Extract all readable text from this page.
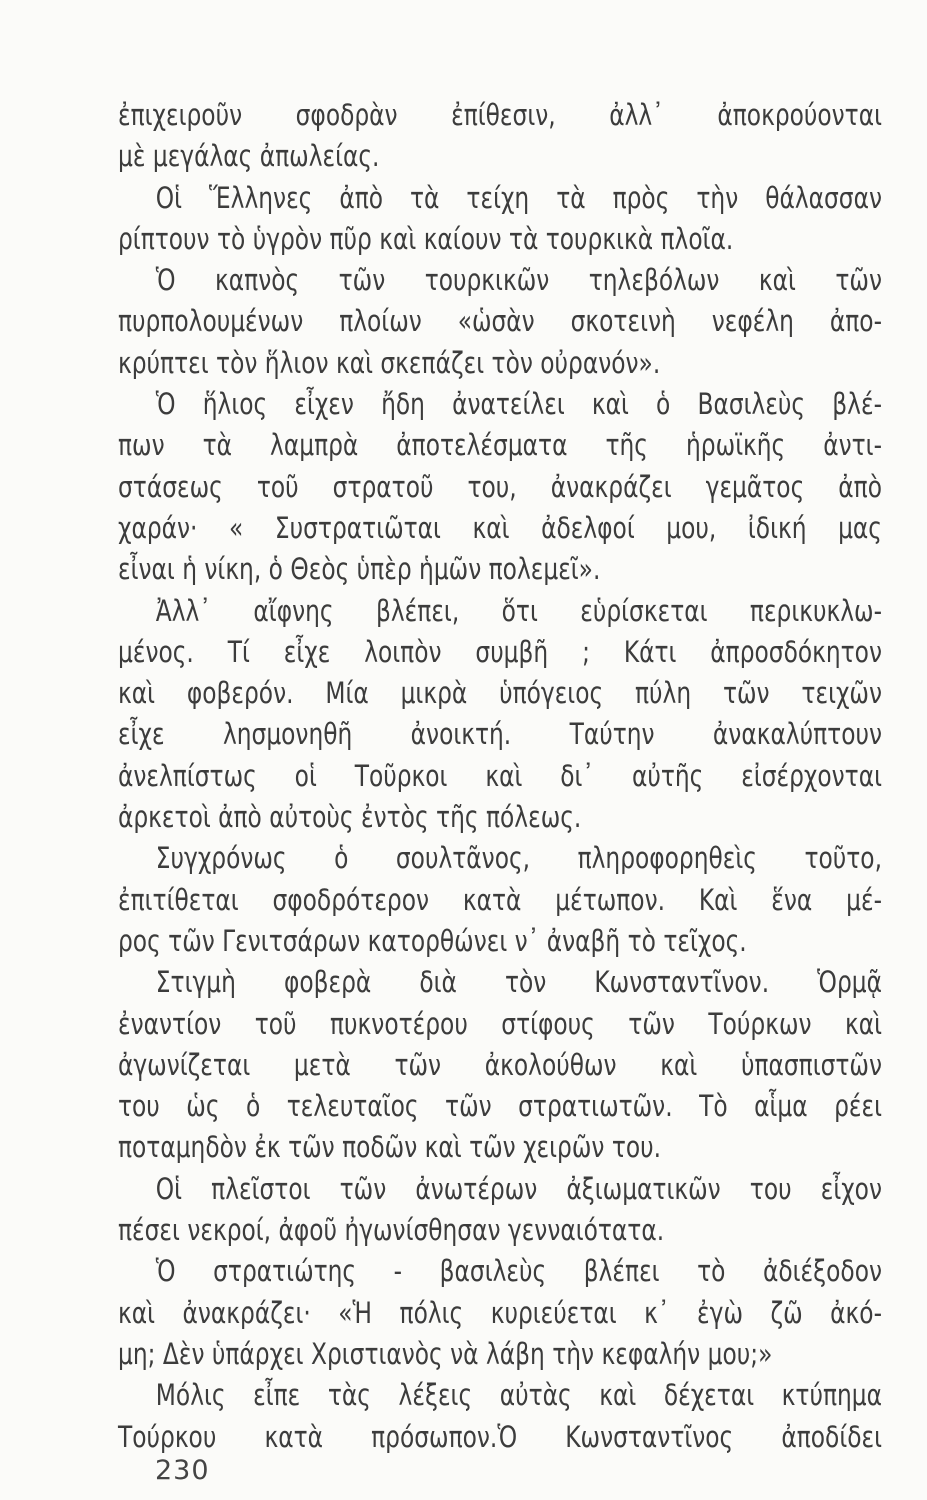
ἐπιχειροῦν σφοδρὰν ἐπίθεσιν, ἀλλ᾽ ἀποκρούονται
μὲ μεγάλας ἀπωλείας.
Οἱ Ἕλληνες ἀπὸ τὰ τείχη τὰ πρὸς τὴν θάλασσαν
ρίπτουν τὸ ὑγρὸν πῦρ καὶ καίουν τὰ τουρκικὰ πλοῖα.
Ὁ καπνὸς τῶν τουρκικῶν τηλεβόλων καὶ τῶν
πυρπολουμένων πλοίων «ὡσὰν σκοτεινὴ νεφέλη ἀπο-
κρύπτει τὸν ἥλιον καὶ σκεπάζει τὸν οὐρανόν».
Ὁ ἥλιος εἶχεν ἤδη ἀνατείλει καὶ ὁ Βασιλεὺς βλέ-
πων τὰ λαμπρὰ ἀποτελέσματα τῆς ἡρωϊκῆς ἀντι-
στάσεως τοῦ στρατοῦ του, ἀνακράζει γεμᾶτος ἀπὸ
χαράν· « Συστρατιῶται καὶ ἀδελφοί μου, ἰδική μας
εἶναι ἡ νίκη, ὁ Θεὸς ὑπὲρ ἡμῶν πολεμεῖ».
Ἀλλ᾽ αἴφνης βλέπει, ὅτι εὑρίσκεται περικυκλω-
μένος. Τί εἶχε λοιπὸν συμβῆ ; Κάτι ἀπροσδόκητον
καὶ φοβερόν. Μία μικρὰ ὑπόγειος πύλη τῶν τειχῶν
εἶχε λησμονηθῆ ἀνοικτή. Ταύτην ἀνακαλύπτουν
ἀνελπίστως οἱ Τοῦρκοι καὶ δι᾽ αὐτῆς εἰσέρχονται
ἀρκετοὶ ἀπὸ αὐτοὺς ἐντὸς τῆς πόλεως.
Συγχρόνως ὁ σουλτᾶνος, πληροφορηθεὶς τοῦτο,
ἐπιτίθεται σφοδρότερον κατὰ μέτωπον. Καὶ ἕνα μέ-
ρος τῶν Γενιτσάρων κατορθώνει ν᾽ ἀναβῆ τὸ τεῖχος.
Στιγμὴ φοβερὰ διὰ τὸν Κωνσταντῖνον. Ὁρμᾷ
ἐναντίον τοῦ πυκνοτέρου στίφους τῶν Τούρκων καὶ
ἀγωνίζεται μετὰ τῶν ἀκολούθων καὶ ὑπασπιστῶν
του ὡς ὁ τελευταῖος τῶν στρατιωτῶν. Τὸ αἷμα ρέει
ποταμηδὸν ἐκ τῶν ποδῶν καὶ τῶν χειρῶν του.
Οἱ πλεῖστοι τῶν ἀνωτέρων ἀξιωματικῶν του εἶχον
πέσει νεκροί, ἀφοῦ ἠγωνίσθησαν γενναιότατα.
Ὁ στρατιώτης - βασιλεὺς βλέπει τὸ ἀδιέξοδον
καὶ ἀνακράζει· «Ἡ πόλις κυριεύεται κ᾽ ἐγὼ ζῶ ἀκό-
μη; Δὲν ὑπάρχει Χριστιανὸς νὰ λάβη τὴν κεφαλήν μου;»
Μόλις εἶπε τὰς λέξεις αὐτὰς καὶ δέχεται κτύπημα
Τούρκου κατὰ πρόσωπον.Ὁ Κωνσταντῖνος ἀποδίδει
230
